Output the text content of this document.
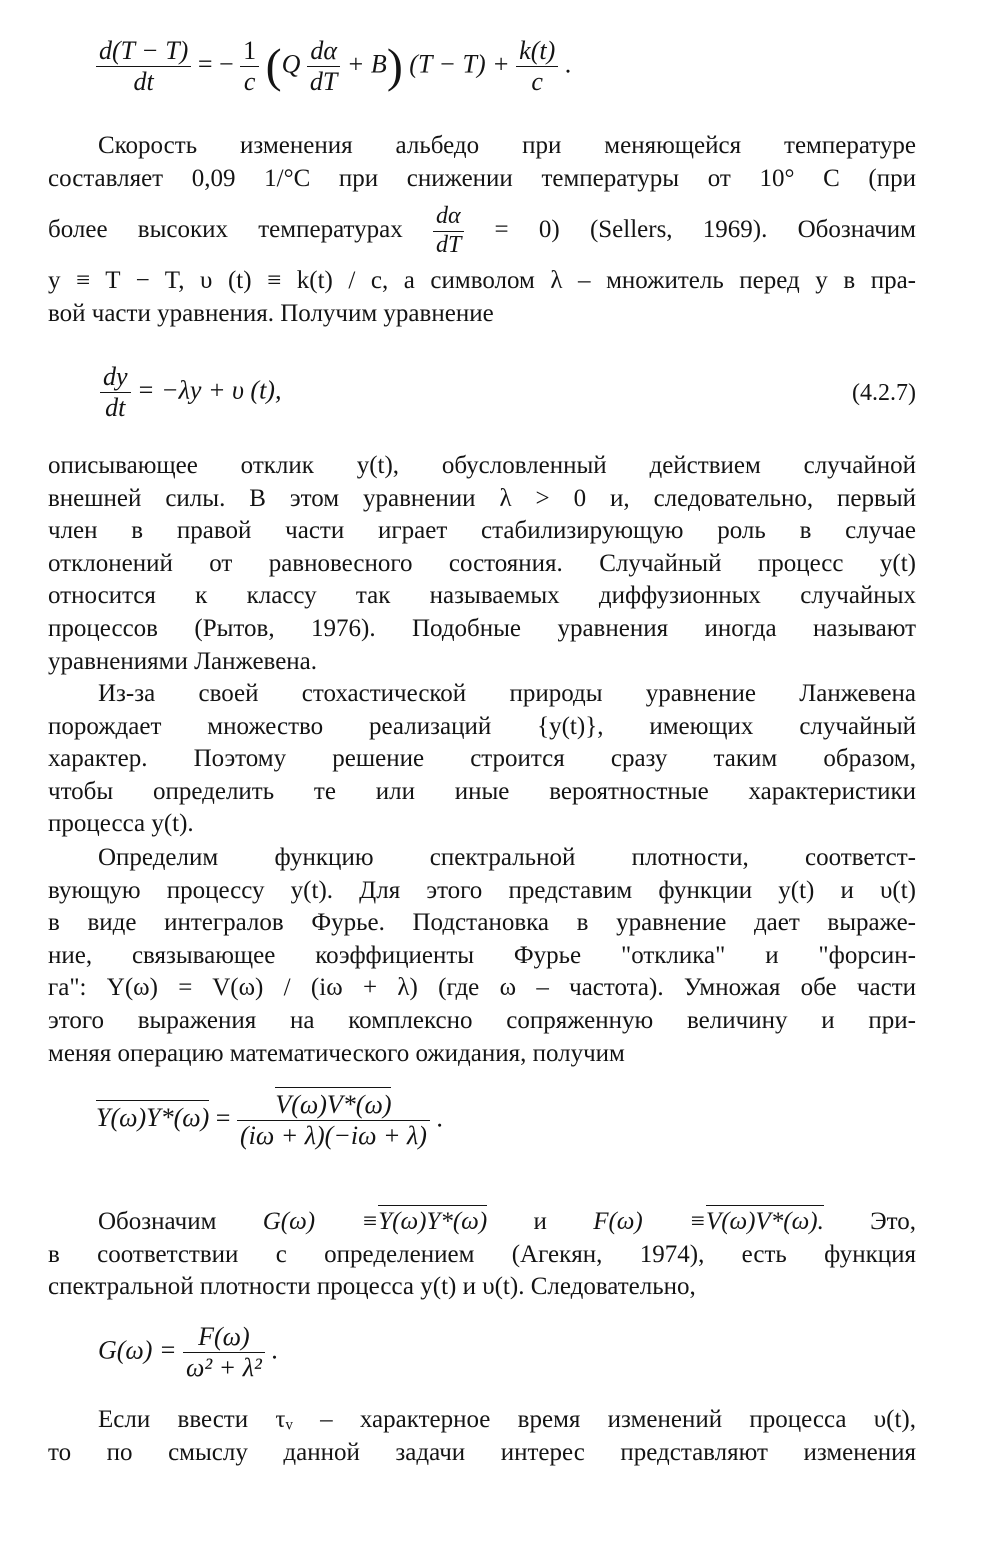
$\frac{d(T - T)}{dt}$ = − $\frac{1}{c} (Q \frac{d\alpha}{dT} + B) (T - T) + \frac{k(t)}{c}$ .
Скорость изменения альбедо при меняющейся температуре
составляет 0,09 1/°C при снижении температуры от 10° С (при
более высоких температурах $\frac{d\alpha}{dT} = 0$) (Sellers, 1969). Обозначим
y ≡ T − T, υ (t) ≡ k(t) / c, а символом λ – множитель перед y в пра-
вой части уравнения. Получим уравнение
$\frac{dy}{dt} = -\lambda y + \upsilon$ (t),	(4.2.7)
описывающее отклик y(t), обусловленный действием случайной
внешней силы. В этом уравнении λ > 0 и, следовательно, первый
член в правой части играет стабилизирующую роль в случае
отклонений от равновесного состояния. Случайный процесс y(t)
относится к классу так называемых диффузионных случайных
процессов (Рытов, 1976). Подобные уравнения иногда называют
уравнениями Ланжевена.
Из-за своей стохастической природы уравнение Ланжевена
порождает множество реализаций {y(t)}, имеющих случайный
характер. Поэтому решение строится сразу таким образом,
чтобы определить те или иные вероятностные характеристики
процесса y(t).
Определим функцию спектральной плотности, соответст-
вующую процессу y(t). Для этого представим функции y(t) и υ(t)
в виде интегралов Фурье. Подстановка в уравнение дает выраже-
ние, связывающее коэффициенты Фурье "отклика" и "форсин-
га": Y(ω) = V(ω) / (iω + λ) (где ω – частота). Умножая обе части
этого выражения на комплексно сопряженную величину и при-
меняя операцию математического ожидания, получим
$Y(\omega)Y*(\omega) = \frac{V(\omega)V*(\omega)}{(i\omega + \lambda)(-i\omega + \lambda)}$ .
Обозначим G(ω) ≡Y(ω)Y*(ω) и F(ω) ≡V(ω)V*(ω). Это,
в соответствии с определением (Агекян, 1974), есть функция
спектральной плотности процесса y(t) и υ(t). Следовательно,
$G(\omega) = \frac{F(\omega)}{\text{ω² + λ²}}$ .
Если ввести τᵥ – характерное время изменений процесса υ(t),
то по смыслу данной задачи интерес представляют изменения
